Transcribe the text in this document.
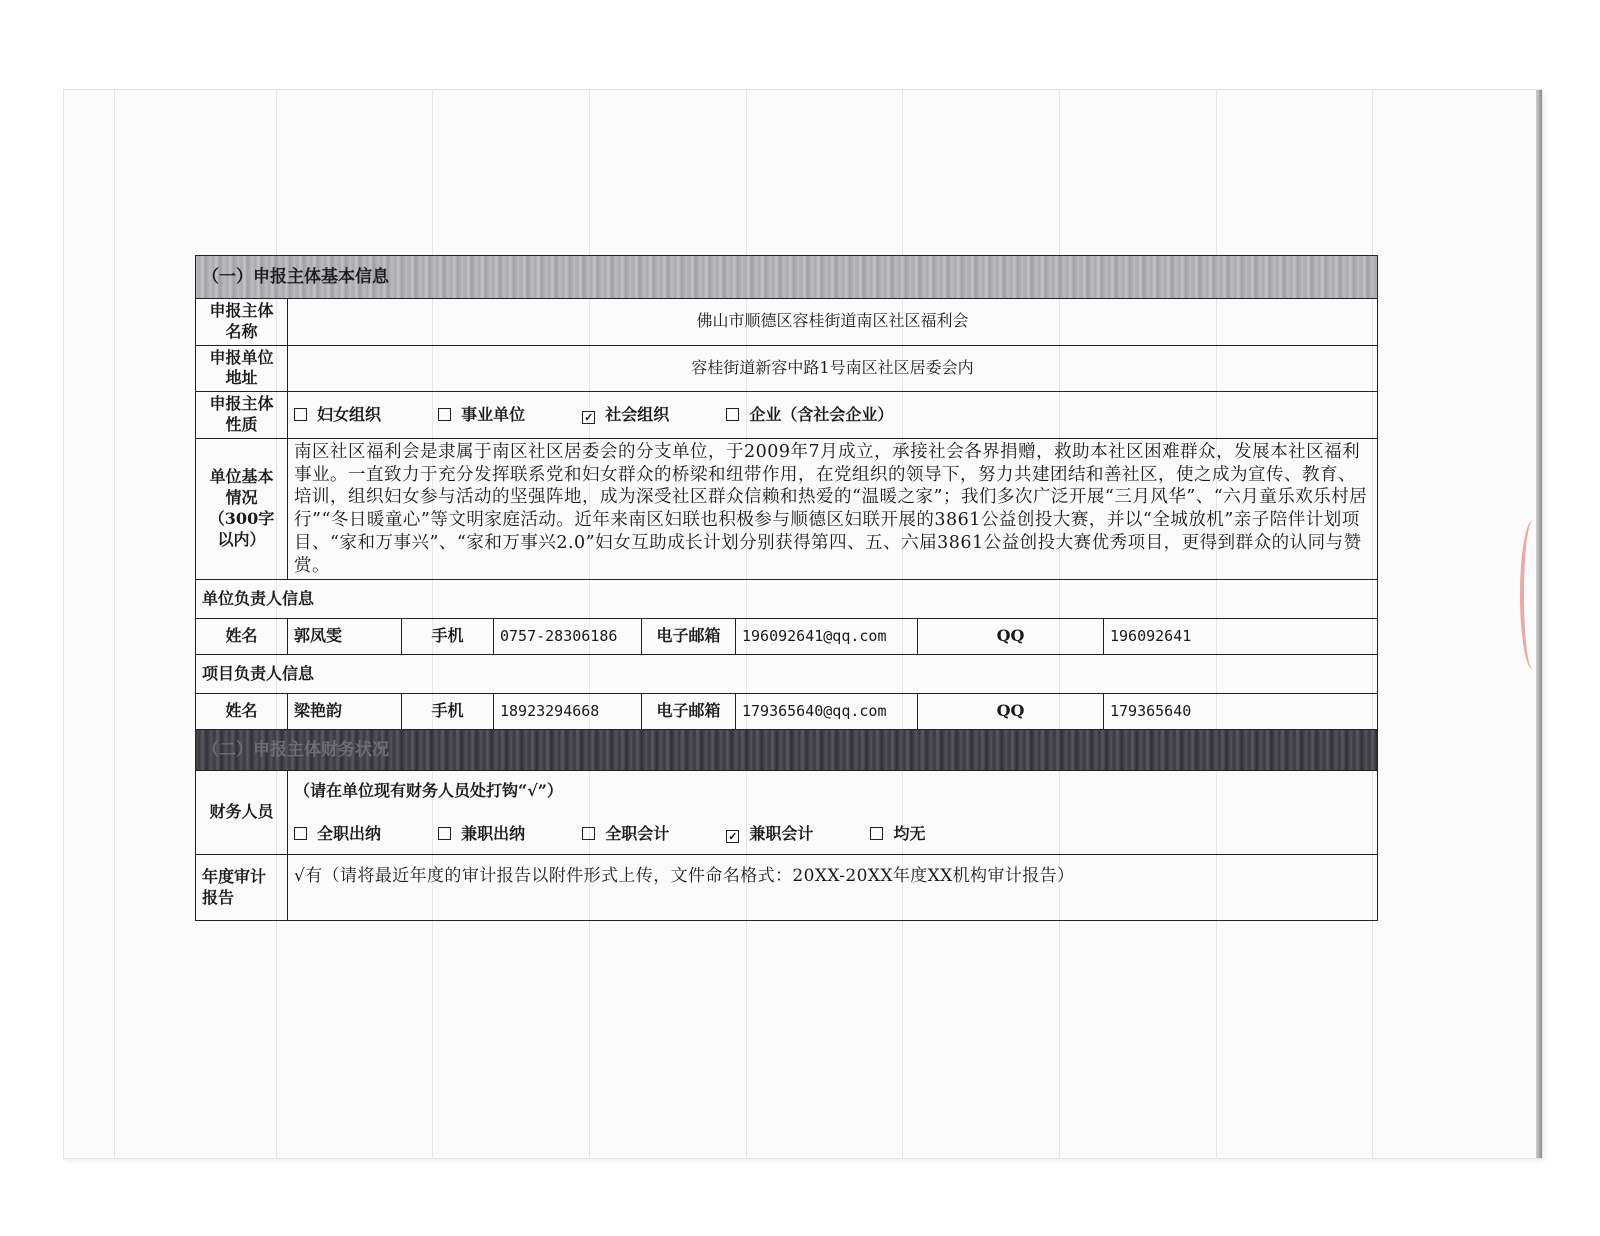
（一）申报主体基本信息							
申报主体名称	佛山市顺德区容桂街道南区社区福利会						
申报单位地址	容桂街道新容中路1号南区社区居委会内						
申报主体性质	妇女组织 事业单位 ✓ 社会组织 企业（含社会企业）						
单位基本情况（300字以内）	南区社区福利会是隶属于南区社区居委会的分支单位，于2009年7月成立，承接社会各界捐赠，救助本社区困难群众，发展本社区福利事业。一直致力于充分发挥联系党和妇女群众的桥梁和纽带作用，在党组织的领导下，努力共建团结和善社区，使之成为宣传、教育、培训，组织妇女参与活动的坚强阵地，成为深受社区群众信赖和热爱的“温暖之家”；我们多次广泛开展“三月风华”、“六月童乐欢乐村居行”“冬日暖童心”等文明家庭活动。近年来南区妇联也积极参与顺德区妇联开展的3861公益创投大赛，并以“全城放机”亲子陪伴计划项目、“家和万事兴”、“家和万事兴2.0”妇女互助成长计划分别获得第四、五、六届3861公益创投大赛优秀项目，更得到群众的认同与赞赏。						
单位负责人信息							
姓名	郭凤雯	手机	0757-28306186	电子邮箱	196092641@qq.com	QQ	196092641
项目负责人信息							
姓名	梁艳韵	手机	18923294668	电子邮箱	179365640@qq.com	QQ	179365640
（二）申报主体财务状况							
财务人员	（请在单位现有财务人员处打钩“√”）
全职出纳 兼职出纳 全职会计 ✓ 兼职会计 均无						

年度审计报告	√有（请将最近年度的审计报告以附件形式上传，文件命名格式：20XX-20XX年度XX机构审计报告）						
